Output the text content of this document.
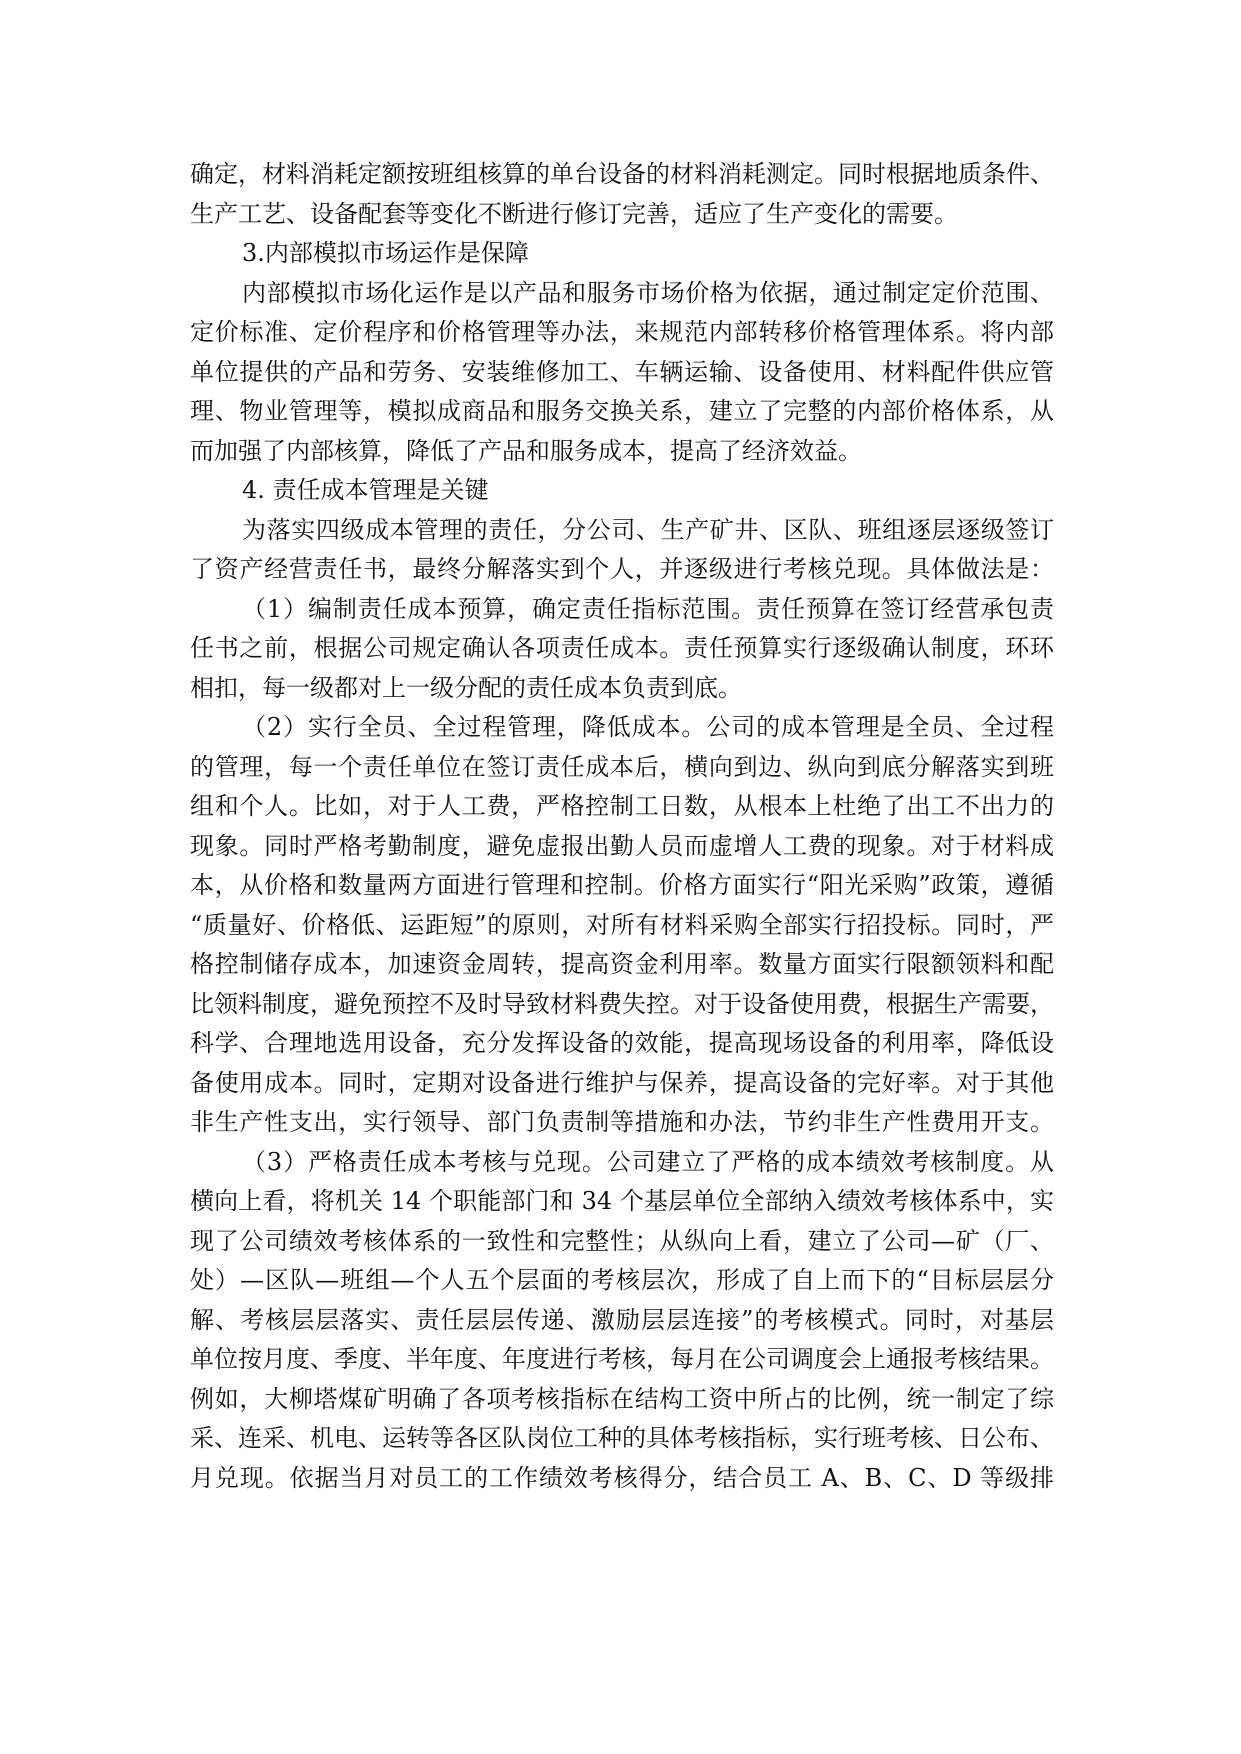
确定，材料消耗定额按班组核算的单台设备的材料消耗测定。同时根据地质条件、

生产工艺、设备配套等变化不断进行修订完善，适应了生产变化的需要。

3.内部模拟市场运作是保障

内部模拟市场化运作是以产品和服务市场价格为依据，通过制定定价范围、

定价标准、定价程序和价格管理等办法，来规范内部转移价格管理体系。将内部

单位提供的产品和劳务、安装维修加工、车辆运输、设备使用、材料配件供应管

理、物业管理等，模拟成商品和服务交换关系，建立了完整的内部价格体系，从

而加强了内部核算，降低了产品和服务成本，提高了经济效益。

4. 责任成本管理是关键

为落实四级成本管理的责任，分公司、生产矿井、区队、班组逐层逐级签订

了资产经营责任书，最终分解落实到个人，并逐级进行考核兑现。具体做法是：

（1）编制责任成本预算，确定责任指标范围。责任预算在签订经营承包责

任书之前，根据公司规定确认各项责任成本。责任预算实行逐级确认制度，环环

相扣，每一级都对上一级分配的责任成本负责到底。

（2）实行全员、全过程管理，降低成本。公司的成本管理是全员、全过程

的管理，每一个责任单位在签订责任成本后，横向到边、纵向到底分解落实到班

组和个人。比如，对于人工费，严格控制工日数，从根本上杜绝了出工不出力的

现象。同时严格考勤制度，避免虚报出勤人员而虚增人工费的现象。对于材料成

本，从价格和数量两方面进行管理和控制。价格方面实行“阳光采购”政策，遵循

“质量好、价格低、运距短”的原则，对所有材料采购全部实行招投标。同时，严

格控制储存成本，加速资金周转，提高资金利用率。数量方面实行限额领料和配

比领料制度，避免预控不及时导致材料费失控。对于设备使用费，根据生产需要，

科学、合理地选用设备，充分发挥设备的效能，提高现场设备的利用率，降低设

备使用成本。同时，定期对设备进行维护与保养，提高设备的完好率。对于其他

非生产性支出，实行领导、部门负责制等措施和办法，节约非生产性费用开支。

（3）严格责任成本考核与兑现。公司建立了严格的成本绩效考核制度。从

横向上看，将机关 14 个职能部门和 34 个基层单位全部纳入绩效考核体系中，实

现了公司绩效考核体系的一致性和完整性；从纵向上看，建立了公司—矿（厂、

处）—区队—班组—个人五个层面的考核层次，形成了自上而下的“目标层层分

解、考核层层落实、责任层层传递、激励层层连接”的考核模式。同时，对基层

单位按月度、季度、半年度、年度进行考核，每月在公司调度会上通报考核结果。

例如，大柳塔煤矿明确了各项考核指标在结构工资中所占的比例，统一制定了综

采、连采、机电、运转等各区队岗位工种的具体考核指标，实行班考核、日公布、

月兑现。依据当月对员工的工作绩效考核得分，结合员工 A、B、C、D 等级排
